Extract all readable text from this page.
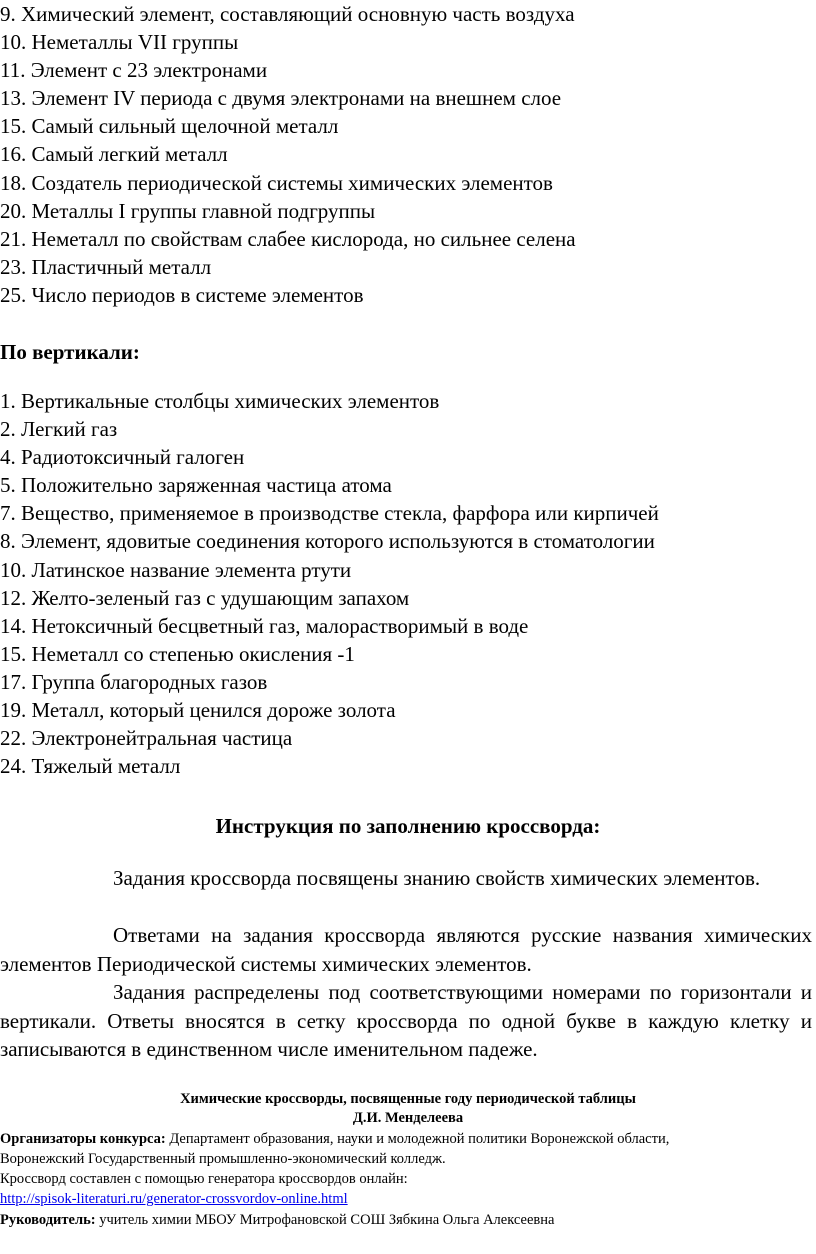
9. Химический элемент, составляющий основную часть воздуха
10. Неметаллы VII группы
11. Элемент с 23 электронами
13. Элемент IV периода с двумя электронами на внешнем слое
15. Самый сильный щелочной металл
16. Самый легкий металл
18. Создатель периодической системы химических элементов
20. Металлы I группы главной подгруппы
21. Неметалл по свойствам слабее кислорода, но сильнее селена
23. Пластичный металл
25. Число периодов в системе элементов
По вертикали:
1. Вертикальные столбцы химических элементов
2. Легкий газ
4. Радиотоксичный галоген
5. Положительно заряженная частица атома
7. Вещество, применяемое в производстве стекла, фарфора или кирпичей
8. Элемент, ядовитые соединения которого используются в стоматологии
10. Латинское название элемента ртути
12. Желто-зеленый газ с удушающим запахом
14. Нетоксичный бесцветный газ, малорастворимый в воде
15. Неметалл со степенью окисления -1
17. Группа благородных газов
19. Металл, который ценился дороже золота
22. Электронейтральная частица
24. Тяжелый металл
Инструкция по заполнению кроссворда:
Задания кроссворда посвящены знанию свойств химических элементов.
Ответами на задания кроссворда являются русские названия химических элементов Периодической системы химических элементов.
Задания распределены под соответствующими номерами по горизонтали и вертикали. Ответы вносятся в сетку кроссворда по одной букве в каждую клетку и записываются в единственном числе именительном падеже.
Химические кроссворды, посвященные году периодической таблицы
Д.И. Менделеева
Организаторы конкурса: Департамент образования, науки и молодежной политики Воронежской области,
Воронежский Государственный промышленно-экономический колледж.
Кроссворд составлен с помощью генератора кроссвордов онлайн:
http://spisok-literaturi.ru/generator-crossvordov-online.html
Руководитель: учитель химии МБОУ Митрофановской СОШ Зябкина Ольга Алексеевна
